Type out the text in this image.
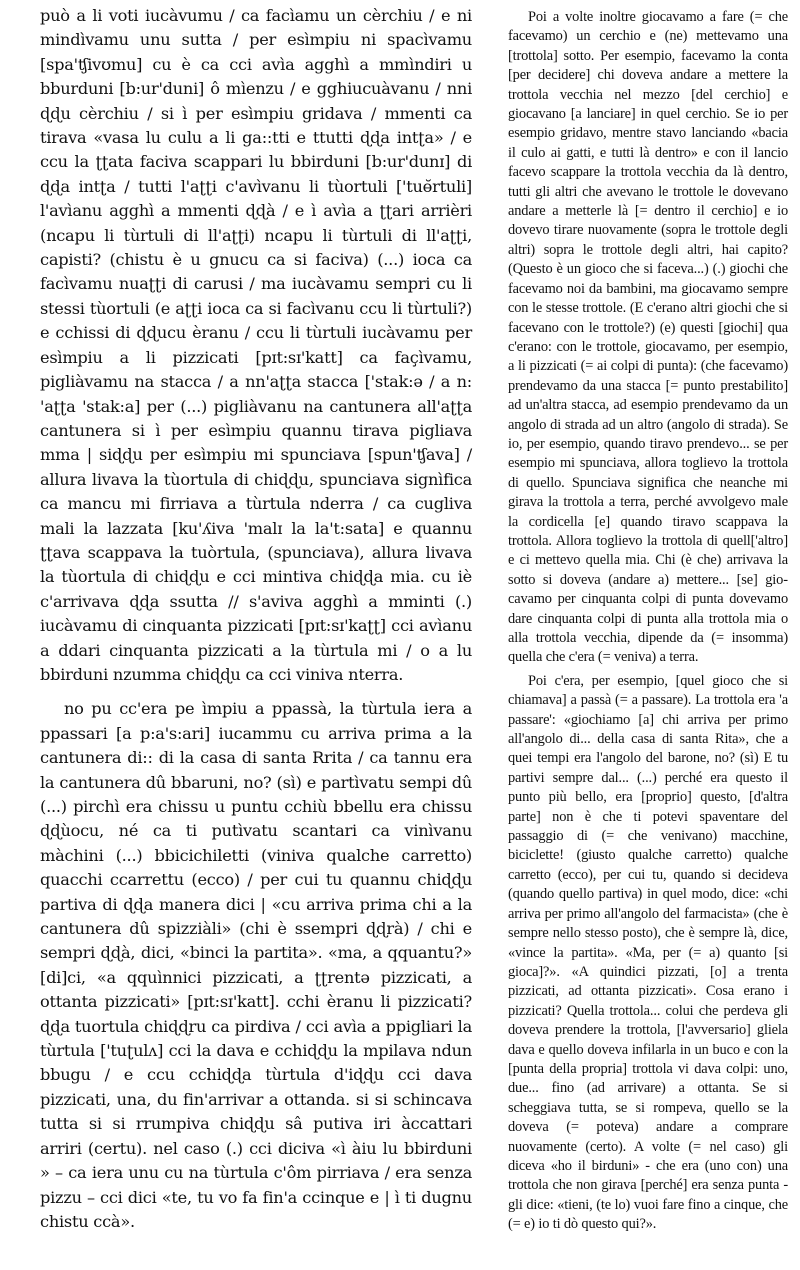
può a li voti iucàvumu / ca facìamu un cèrchiu / e ni mindìvamu unu sutta / per esìmpiu ni spacìvamu [spa'ʧivʊmu] cu è ca cci avìa agghì a mmìndiri u bburduni [b:ur'duni] ô mìenzu / e gghiucuàvanu / nni ɖɖu cèrchiu / si ì per esìmpiu gridava / mmenti ca tirava «vasa lu culu a li ga::tti e ttutti ɖɖa intʈa» / e ccu la ʈʈata faciva scappari lu bbirduni [b:ur'dunɪ] di ɖɖa intʈa / tutti l'aʈʈi c'avìvanu li tùortuli ['tuɵ̆rtuli] l'avìanu agghì a mmenti ɖɖà / e ì avìa a ʈʈari arrièri (ncapu li tùrtuli di ll'aʈʈi) ncapu li tùrtuli di ll'aʈʈi, capisti? (chistu è u gnucu ca si faciva) (...) ioca ca facìvamu nuaʈʈi di carusi / ma iucàvamu sempri cu li stessi tùortuli (e aʈʈi ioca ca si facìvanu ccu li tùrtuli?) e cchissi di ɖɖucu èranu / ccu li tùrtuli iucàvamu per esìmpiu a li pizzicati [pɪt:sɪ'katt] ca façìvamu, pigliàvamu na stacca / a nn'aʈʈa stacca ['stak:ə / a n: 'aʈʈa 'stak:a] per (...) pigliàvanu na cantunera all'aʈʈa cantunera si ì per esìmpiu quannu tirava pigliava mma | siɖɖu per esìmpiu mi spunciava [spun'ʧava] / allura livava la tùortula di chiɖɖu, spunciava signìfica ca mancu mi firriava a tùrtula nderra / ca cugliva mali la lazzata [ku'ʎiva 'malɪ la la't:sata] e quannu ʈʈava scappava la tuòrtula, (spunciava), allura livava la tùortula di chiɖɖu e cci mintiva chiɖɖa mia. cu iè c'arrivava ɖɖa ssutta // s'aviva agghì a mminti (.) iucàvamu di cinquanta pizzicati [pɪt:sɪ'kaʈʈ] cci avìanu a ddari cinquanta pizzicati a la tùrtula mi / o a lu bbirduni nzumma chiɖɖu ca cci viniva nterra.

no pu cc'era pe ìmpiu a ppassà, la tùrtula iera a ppassari [a p:a's:ari] iucammu cu arriva prima a la cantunera di:: di la casa di santa Rrita / ca tannu era la cantunera dû bbaruni, no? (sì) e partìvatu sempi dû (...) pirchì era chissu u puntu cchiù bbellu era chissu ɖɖùocu, né ca ti putìvatu scantari ca vinìvanu màchini (...) bbicichiletti (viniva qualche carretto) quacchi ccarrettu (ecco) / per cui tu quannu chiɖɖu partiva di ɖɖa manera dici | «cu arriva prima chi a la cantunera dû spizziàli» (chi è ssempri ɖɖrà) / chi e sempri ɖɖà, dici, «binci la partita». «ma, a qquantu?» [di]ci, «a qquìnnici pizzicati, a ʈʈrentə pizzicati, a ottanta pizzicati» [pɪt:sɪ'katt]. cchi èranu li pizzicati? ɖɖa tuortula chiɖɖru ca pirdiva / cci avìa a ppigliari la tùrtula ['tuʈulʌ] cci la dava e cchiɖɖu la mpilava ndun bbugu / e ccu cchiɖɖa tùrtula d'iɖɖu cci dava pizzicati, una, du fin'arrivar a ottanda. si si schincava tutta si si rrumpiva chiɖɖu sâ putiva iri àccattari arriri (certu). nel caso (.) cci diciva «ì àiu lu bbirduni » – ca iera unu cu na tùrtula c'ôm pirriava / era senza pizzu – cci dici «te, tu vo fa fin'a ccinque e | ì ti dugnu chistu ccà».

Poi a volte inoltre giocavamo a fare (= che facevamo) un cerchio e (ne) mettevamo una [trottola] sotto. Per esempio, facevamo la conta [per decidere] chi doveva andare a mettere la trottola vecchia nel mezzo [del cerchio] e giocavano [a lanciare] in quel cerchio. Se io per esempio gridavo, mentre stavo lanciando «bacia il culo ai gatti, e tutti là dentro» e con il lancio facevo scappare la trottola vecchia da là dentro, tutti gli altri che avevano le trottole le dovevano andare a metterle là [= dentro il cerchio] e io dovevo tirare nuovamente (sopra le trottole degli altri) sopra le trottole degli altri, hai capito? (Questo è un gioco che si faceva...) (.) giochi che facevamo noi da bambini, ma giocavamo sempre con le stesse trottole. (E c'erano altri giochi che si facevano con le trottole?) (e) questi [giochi] qua c'erano: con le trottole, giocavamo, per esempio, a li pizzicati (= ai colpi di punta): (che facevamo) prendevamo da una stacca [= punto prestabilito] ad un'altra stacca, ad esempio prendevamo da un angolo di strada ad un altro (angolo di strada). Se io, per esempio, quando tiravo prendevo... se per esempio mi spunciava, allora toglievo la trottola di quello. Spunciava significa che neanche mi girava la trottola a terra, perché avvolgevo male la cordicella [e] quando tiravo scappava la trottola. Allora toglievo la trottola di quell['altro] e ci mettevo quella mia. Chi (è che) arrivava la sotto si doveva (andare a) mettere... [se] giocavamo per cinquanta colpi di punta dovevamo dare cinquanta colpi di punta alla trottola mia o alla trottola vecchia, dipende da (= insomma) quella che c'era (= veniva) a terra.

Poi c'era, per esempio, [quel gioco che si chiamava] a passà (= a passare). La trottola era 'a passare': «giochiamo [a] chi arriva per primo all'angolo di... della casa di santa Rita», che a quei tempi era l'angolo del barone, no? (sì) E tu partivi sempre dal... (...) perché era questo il punto più bello, era [proprio] questo, [d'altra parte] non è che ti potevi spaventare del passaggio di (= che venivano) macchine, biciclette! (giusto qualche carretto) qualche carretto (ecco), per cui tu, quando si decideva (quando quello partiva) in quel modo, dice: «chi arriva per primo all'angolo del farmacista» (che è sempre nello stesso posto), che è sempre là, dice, «vince la partita». «Ma, per (= a) quanto [si gioca]?». «A quindici pizzati, [o] a trenta pizzicati, ad ottanta pizzicati». Cosa erano i pizzicati? Quella trottola... colui che perdeva gli doveva prendere la trottola, [l'avversario] gliela dava e quello doveva infilarla in un buco e con la [punta della propria] trottola vi dava colpi: uno, due... fino (ad arrivare) a ottanta. Se si scheggiava tutta, se si rompeva, quello se la doveva (= poteva) andare a comprare nuovamente (certo). A volte (= nel caso) gli diceva «ho il birduni» - che era (uno con) una trottola che non girava [perché] era senza punta - gli dice: «tieni, (te lo) vuoi fare fino a cinque, che (= e) io ti dò questo qui?».
